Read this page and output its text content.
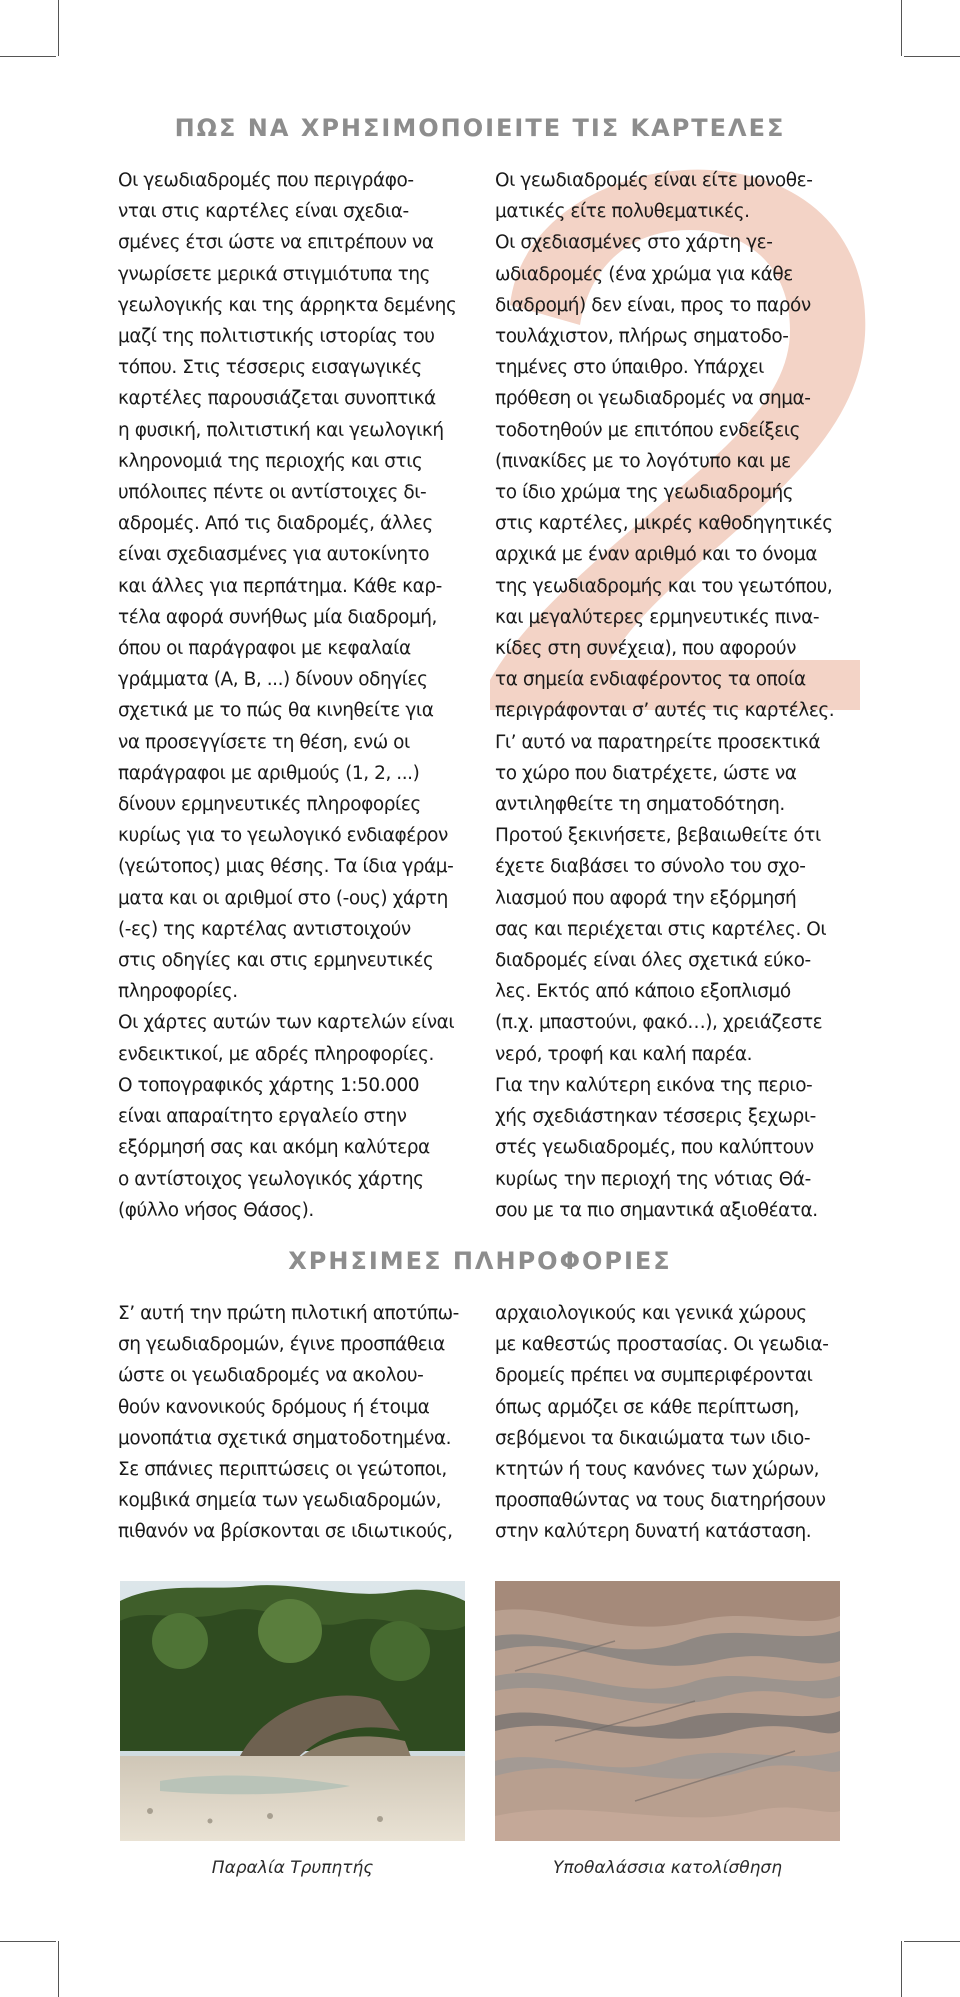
ΠΩΣ ΝΑ ΧΡΗΣΙΜΟΠΟΙΕΙΤΕ ΤΙΣ ΚΑΡΤΕΛΕΣ

Οι γεωδιαδρομές που περιγράφο-

νται στις καρτέλες είναι σχεδια-

σμένες έτσι ώστε να επιτρέπουν να

γνωρίσετε μερικά στιγμιότυπα της

γεωλογικής και της άρρηκτα δεμένης

μαζί της πολιτιστικής ιστορίας του

τόπου. Στις τέσσερις εισαγωγικές

καρτέλες παρουσιάζεται συνοπτικά

η φυσική, πολιτιστική και γεωλογική

κληρονομιά της περιοχής και στις

υπόλοιπες πέντε οι αντίστοιχες δι-

αδρομές. Από τις διαδρομές, άλλες

είναι σχεδιασμένες για αυτοκίνητο

και άλλες για περπάτημα. Κάθε καρ-

τέλα αφορά συνήθως μία διαδρομή,

όπου οι παράγραφοι με κεφαλαία

γράμματα (Α, Β, ...) δίνουν οδηγίες

σχετικά με το πώς θα κινηθείτε για

να προσεγγίσετε τη θέση, ενώ οι

παράγραφοι με αριθμούς (1, 2, ...)

δίνουν ερμηνευτικές πληροφορίες

κυρίως για το γεωλογικό ενδιαφέρον

(γεώτοπος) μιας θέσης. Τα ίδια γράμ-

ματα και οι αριθμοί στο (-ους) χάρτη

(-ες) της καρτέλας αντιστοιχούν

στις οδηγίες και στις ερμηνευτικές

πληροφορίες.

Οι χάρτες αυτών των καρτελών είναι

ενδεικτικοί, με αδρές πληροφορίες.

Ο τοπογραφικός χάρτης 1:50.000

είναι απαραίτητο εργαλείο στην

εξόρμησή σας και ακόμη καλύτερα

ο αντίστοιχος γεωλογικός χάρτης

(φύλλο νήσος Θάσος).

Οι γεωδιαδρομές είναι είτε μονοθε-

ματικές είτε πολυθεματικές.

Οι σχεδιασμένες στο χάρτη γε-

ωδιαδρομές (ένα χρώμα για κάθε

διαδρομή) δεν είναι, προς το παρόν

τουλάχιστον, πλήρως σηματοδο-

τημένες στο ύπαιθρο. Υπάρχει

πρόθεση οι γεωδιαδρομές να σημα-

τοδοτηθούν με επιτόπου ενδείξεις

(πινακίδες με το λογότυπο και με

το ίδιο χρώμα της γεωδιαδρομής

στις καρτέλες, μικρές καθοδηγητικές

αρχικά με έναν αριθμό και το όνομα

της γεωδιαδρομής και του γεωτόπου,

και μεγαλύτερες ερμηνευτικές πινα-

κίδες στη συνέχεια), που αφορούν

τα σημεία ενδιαφέροντος τα οποία

περιγράφονται σ’ αυτές τις καρτέλες.

Γι’ αυτό να παρατηρείτε προσεκτικά

το χώρο που διατρέχετε, ώστε να

αντιληφθείτε τη σηματοδότηση.

Προτού ξεκινήσετε, βεβαιωθείτε ότι

έχετε διαβάσει το σύνολο του σχο-

λιασμού που αφορά την εξόρμησή

σας και περιέχεται στις καρτέλες. Οι

διαδρομές είναι όλες σχετικά εύκο-

λες. Εκτός από κάποιο εξοπλισμό

(π.χ. μπαστούνι, φακό…), χρειάζεστε

νερό, τροφή και καλή παρέα.

Για την καλύτερη εικόνα της περιο-

χής σχεδιάστηκαν τέσσερις ξεχωρι-

στές γεωδιαδρομές, που καλύπτουν

κυρίως την περιοχή της νότιας Θά-

σου με τα πιο σημαντικά αξιοθέατα.

ΧΡΗΣΙΜΕΣ ΠΛΗΡΟΦΟΡΙΕΣ

Σ’ αυτή την πρώτη πιλοτική αποτύπω-

ση γεωδιαδρομών, έγινε προσπάθεια

ώστε οι γεωδιαδρομές να ακολου-

θούν κανονικούς δρόμους ή έτοιμα

μονοπάτια σχετικά σηματοδοτημένα.

Σε σπάνιες περιπτώσεις οι γεώτοποι,

κομβικά σημεία των γεωδιαδρομών,

πιθανόν να βρίσκονται σε ιδιωτικούς,

αρχαιολογικούς και γενικά χώρους

με καθεστώς προστασίας. Οι γεωδια-

δρομείς πρέπει να συμπεριφέρονται

όπως αρμόζει σε κάθε περίπτωση,

σεβόμενοι τα δικαιώματα των ιδιο-

κτητών ή τους κανόνες των χώρων,

προσπαθώντας να τους διατηρήσουν

στην καλύτερη δυνατή κατάσταση.

Παραλία Τρυπητής	Υποθαλάσσια κατολίσθηση
